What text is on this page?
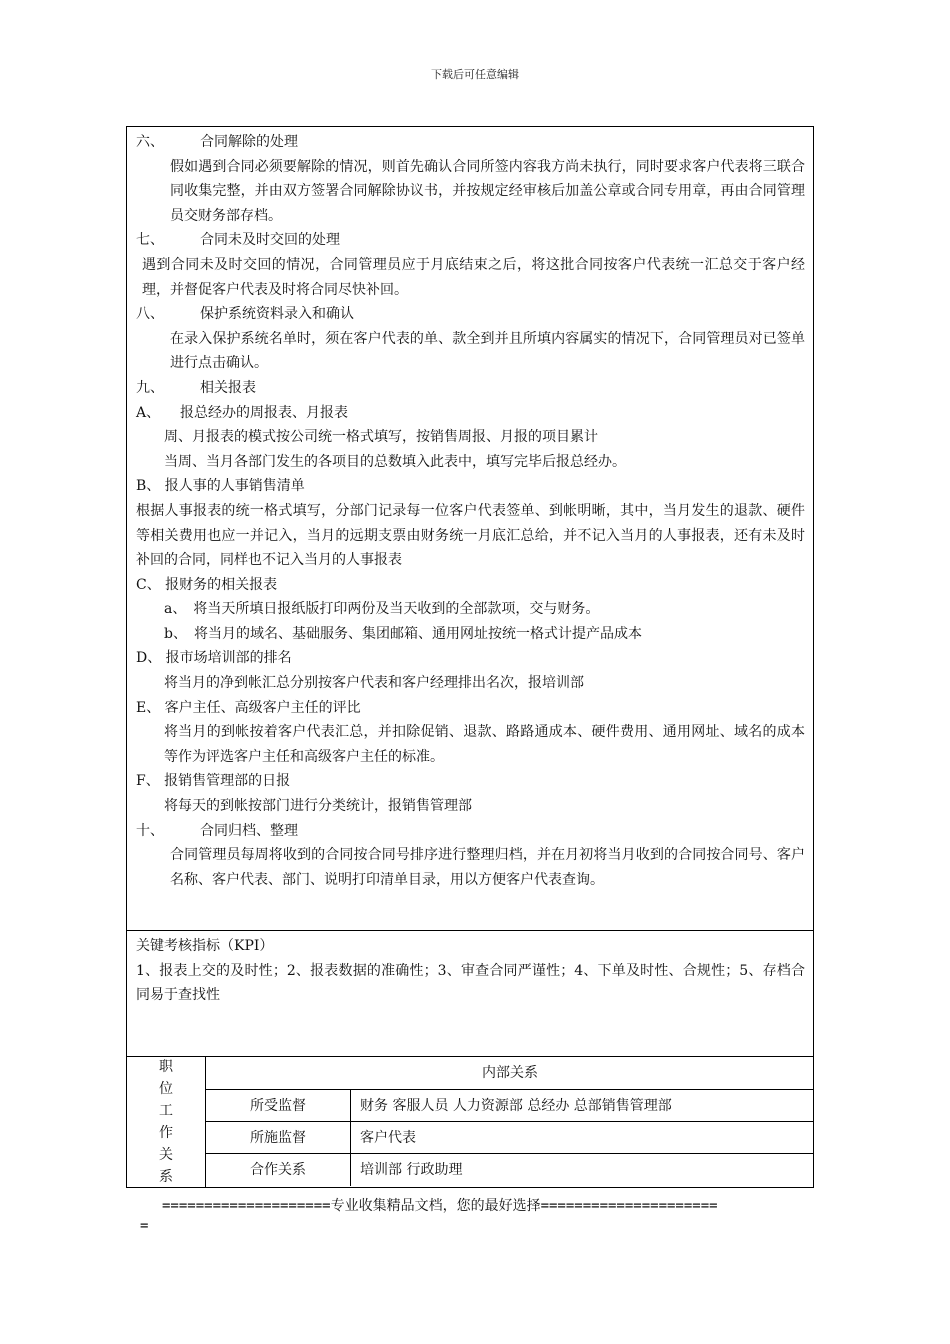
下载后可任意编辑
六、	合同解除的处理
假如遇到合同必须要解除的情况，则首先确认合同所签内容我方尚未执行，同时要求客户代表将三联合同收集完整，并由双方签署合同解除协议书，并按规定经审核后加盖公章或合同专用章，再由合同管理员交财务部存档。
七、	合同未及时交回的处理
遇到合同未及时交回的情况，合同管理员应于月底结束之后，将这批合同按客户代表统一汇总交于客户经理，并督促客户代表及时将合同尽快补回。
八、	保护系统资料录入和确认
在录入保护系统名单时，须在客户代表的单、款全到并且所填内容属实的情况下，合同管理员对已签单进行点击确认。
九、	相关报表
A、 报总经办的周报表、月报表
周、月报表的模式按公司统一格式填写，按销售周报、月报的项目累计
当周、当月各部门发生的各项目的总数填入此表中，填写完毕后报总经办。
B、 报人事的人事销售清单
根据人事报表的统一格式填写，分部门记录每一位客户代表签单、到帐明晰，其中，当月发生的退款、硬件等相关费用也应一并记入，当月的远期支票由财务统一月底汇总给，并不记入当月的人事报表，还有未及时补回的合同，同样也不记入当月的人事报表
C、 报财务的相关报表
a、　将当天所填日报纸版打印两份及当天收到的全部款项，交与财务。
b、　将当月的域名、基础服务、集团邮箱、通用网址按统一格式计提产品成本
D、 报市场培训部的排名
将当月的净到帐汇总分别按客户代表和客户经理排出名次，报培训部
E、 客户主任、高级客户主任的评比
将当月的到帐按着客户代表汇总，并扣除促销、退款、路路通成本、硬件费用、通用网址、域名的成本等作为评选客户主任和高级客户主任的标准。
F、 报销售管理部的日报
将每天的到帐按部门进行分类统计，报销售管理部
十、	合同归档、整理
合同管理员每周将收到的合同按合同号排序进行整理归档，并在月初将当月收到的合同按合同号、客户名称、客户代表、部门、说明打印清单目录，用以方便客户代表查询。
关键考核指标（KPI）
1、报表上交的及时性；2、报表数据的准确性；3、审查合同严谨性；4、下单及时性、合规性；5、存档合同易于查找性
职位
工作
关系
内部关系
所受监督	财务 客服人员 人力资源部 总经办 总部销售管理部
所施监督	客户代表
合作关系	培训部 行政助理
====================专业收集精品文档，您的最好选择=====================
=
